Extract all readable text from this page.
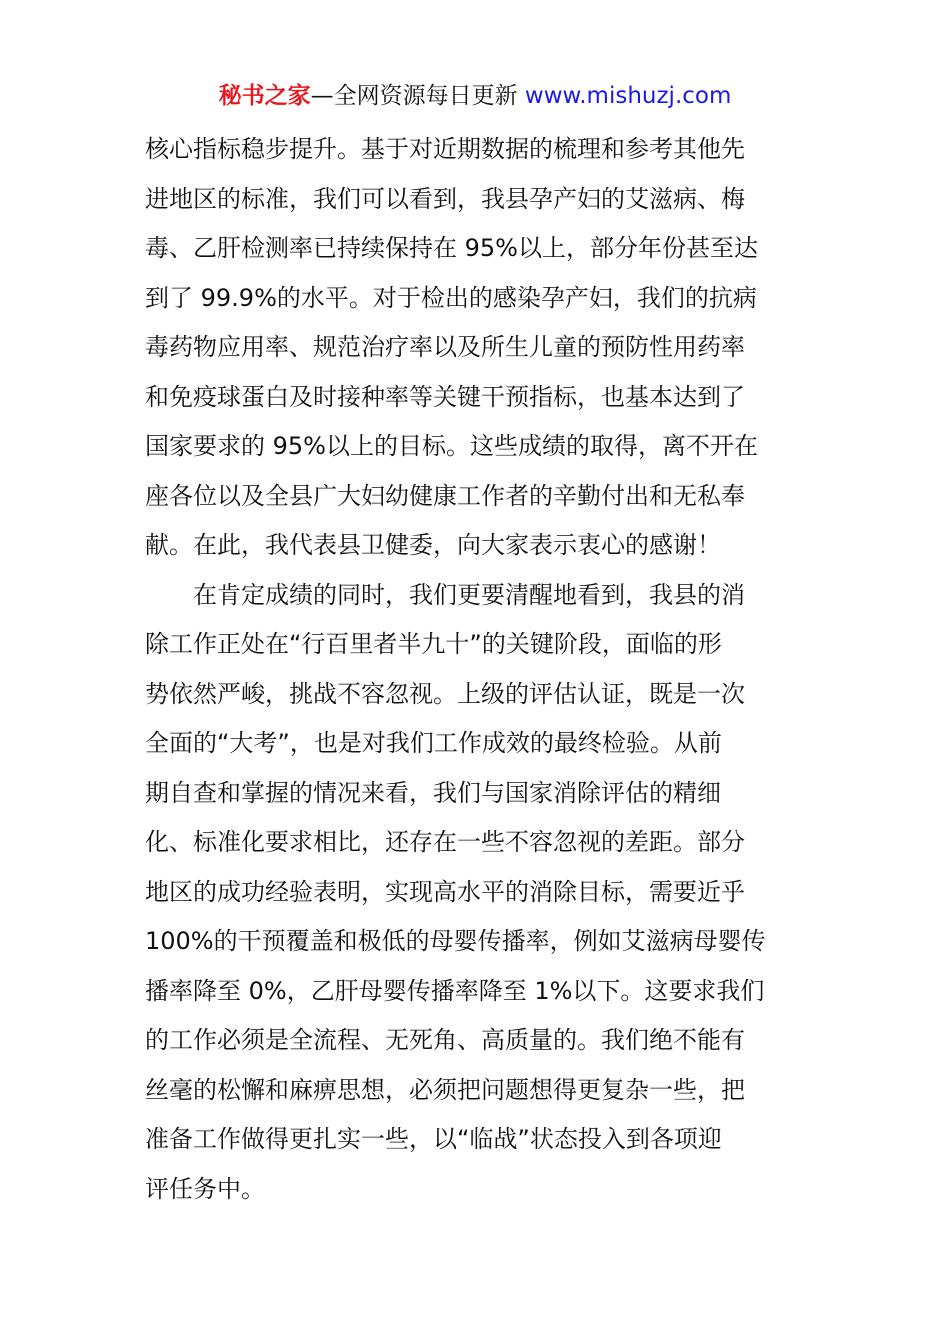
秘书之家—全网资源每日更新 www.mishuzj.com
核心指标稳步提升。基于对近期数据的梳理和参考其他先
进地区的标准，我们可以看到，我县孕产妇的艾滋病、梅
毒、乙肝检测率已持续保持在 95%以上，部分年份甚至达
到了 99.9%的水平。对于检出的感染孕产妇，我们的抗病
毒药物应用率、规范治疗率以及所生儿童的预防性用药率
和免疫球蛋白及时接种率等关键干预指标，也基本达到了
国家要求的 95%以上的目标。这些成绩的取得，离不开在
座各位以及全县广大妇幼健康工作者的辛勤付出和无私奉
献。在此，我代表县卫健委，向大家表示衷心的感谢！
在肯定成绩的同时，我们更要清醒地看到，我县的消
除工作正处在“行百里者半九十”的关键阶段，面临的形
势依然严峻，挑战不容忽视。上级的评估认证，既是一次
全面的“大考”，也是对我们工作成效的最终检验。从前
期自查和掌握的情况来看，我们与国家消除评估的精细
化、标准化要求相比，还存在一些不容忽视的差距。部分
地区的成功经验表明，实现高水平的消除目标，需要近乎
100%的干预覆盖和极低的母婴传播率，例如艾滋病母婴传
播率降至 0%，乙肝母婴传播率降至 1%以下。这要求我们
的工作必须是全流程、无死角、高质量的。我们绝不能有
丝毫的松懈和麻痹思想，必须把问题想得更复杂一些，把
准备工作做得更扎实一些，以“临战”状态投入到各项迎
评任务中。
